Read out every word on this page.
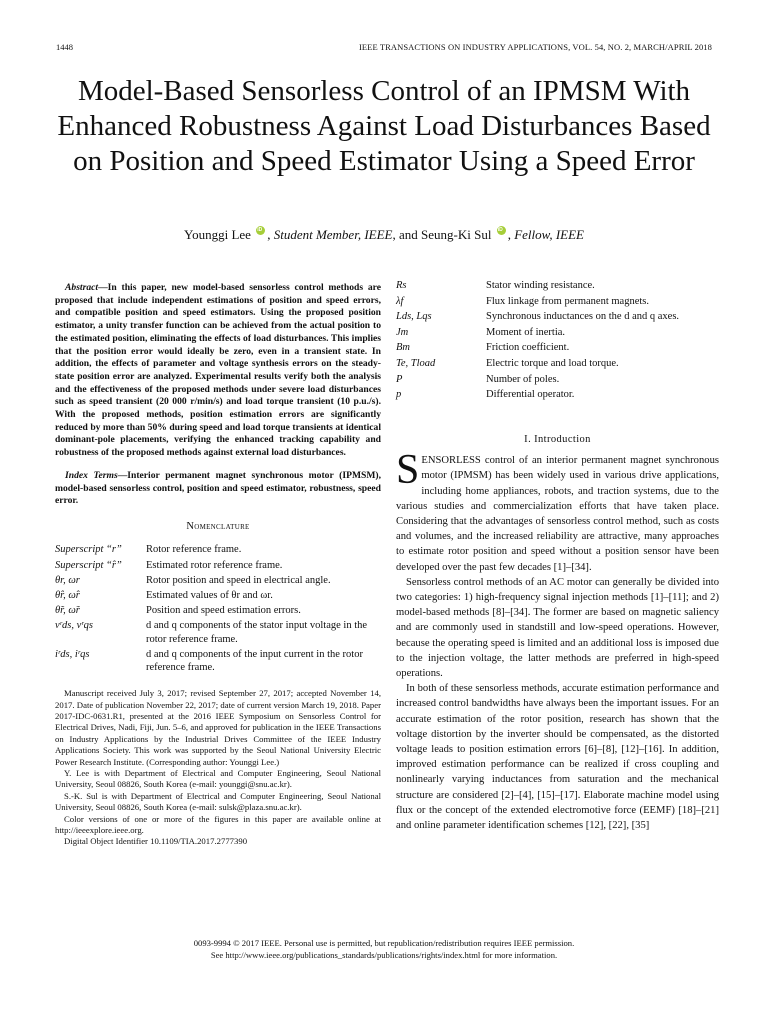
1448	IEEE TRANSACTIONS ON INDUSTRY APPLICATIONS, VOL. 54, NO. 2, MARCH/APRIL 2018
Model-Based Sensorless Control of an IPMSM With Enhanced Robustness Against Load Disturbances Based on Position and Speed Estimator Using a Speed Error
Younggi Lee iD , Student Member, IEEE, and Seung-Ki Sul iD , Fellow, IEEE

Abstract—In this paper, new model-based sensorless control methods are proposed that include independent estimations of position and speed errors, and compatible position and speed estimators. Using the proposed position estimator, a unity transfer function can be achieved from the actual position to the estimated position, eliminating the effects of load disturbances. This implies that the position error would ideally be zero, even in a transient state. In addition, the effects of parameter and voltage synthesis errors on the steady-state position error are analyzed. Experimental results verify both the analysis and the effectiveness of the proposed methods under severe load disturbances such as speed transient (20 000 r/min/s) and load torque transient (10 p.u./s). With the proposed methods, position estimation errors are significantly reduced by more than 50% during speed and load torque transients at identical dominant-pole placements, verifying the enhanced tracking capability and robustness of the proposed methods against external load disturbances.

Index Terms—Interior permanent magnet synchronous motor (IPMSM), model-based sensorless control, position and speed estimator, robustness, speed error.

Nomenclature
Superscript “r”	Rotor reference frame.
Superscript “r̂”	Estimated rotor reference frame.
θr, ωr	Rotor position and speed in electrical angle.
θ̂r, ω̂r	Estimated values of θr and ωr.
θ̃r, ω̃r	Position and speed estimation errors.
vʳds, vʳqs	d and q components of the stator input voltage in the rotor reference frame.
iʳds, iʳqs	d and q components of the input current in the rotor reference frame.

Manuscript received July 3, 2017; revised September 27, 2017; accepted November 14, 2017. Date of publication November 22, 2017; date of current version March 19, 2018. Paper 2017-IDC-0631.R1, presented at the 2016 IEEE Symposium on Sensorless Control for Electrical Drives, Nadi, Fiji, Jun. 5–6, and approved for publication in the IEEE Transactions on Industry Applications by the Industrial Drives Committee of the IEEE Industry Applications Society. This work was supported by the Seoul National University Electric Power Research Institute. (Corresponding author: Younggi Lee.)

Y. Lee is with Department of Electrical and Computer Engineering, Seoul National University, Seoul 08826, South Korea (e-mail: younggi@snu.ac.kr).

S.-K. Sul is with Department of Electrical and Computer Engineering, Seoul National University, Seoul 08826, South Korea (e-mail: sulsk@plaza.snu.ac.kr).

Color versions of one or more of the figures in this paper are available online at http://ieeexplore.ieee.org.

Digital Object Identifier 10.1109/TIA.2017.2777390

Rs	Stator winding resistance.
λf	Flux linkage from permanent magnets.
Lds, Lqs	Synchronous inductances on the d and q axes.
Jm	Moment of inertia.
Bm	Friction coefficient.
Te, Tload	Electric torque and load torque.
P	Number of poles.
p	Differential operator.
I. Introduction

SENSORLESS control of an interior permanent magnet synchronous motor (IPMSM) has been widely used in various drive applications, including home appliances, robots, and traction systems, due to the various studies and commercialization efforts that have taken place. Considering that the advantages of sensorless control method, such as costs and volumes, and the increased reliability are attractive, many approaches to estimate rotor position and speed without a position sensor have been developed over the past few decades [1]–[34].

Sensorless control methods of an AC motor can generally be divided into two categories: 1) high-frequency signal injection methods [1]–[11]; and 2) model-based methods [8]–[34]. The former are based on magnetic saliency and are commonly used in standstill and low-speed operations. However, because the operating speed is limited and an additional loss is imposed due to the injection voltage, the latter methods are preferred in high-speed operations.

In both of these sensorless methods, accurate estimation performance and increased control bandwidths have always been the important issues. For an accurate estimation of the rotor position, research has shown that the voltage distortion by the inverter should be compensated, as the distorted voltage leads to position estimation errors [6]–[8], [12]–[16]. In addition, improved estimation performance can be realized if cross coupling and nonlinearly varying inductances from saturation and the mechanical structure are considered [2]–[4], [15]–[17]. Elaborate machine model using flux or the concept of the extended electromotive force (EEMF) [18]–[21] and online parameter identification schemes [12], [22], [35]

0093-9994 © 2017 IEEE. Personal use is permitted, but republication/redistribution requires IEEE permission.
See http://www.ieee.org/publications_standards/publications/rights/index.html for more information.
